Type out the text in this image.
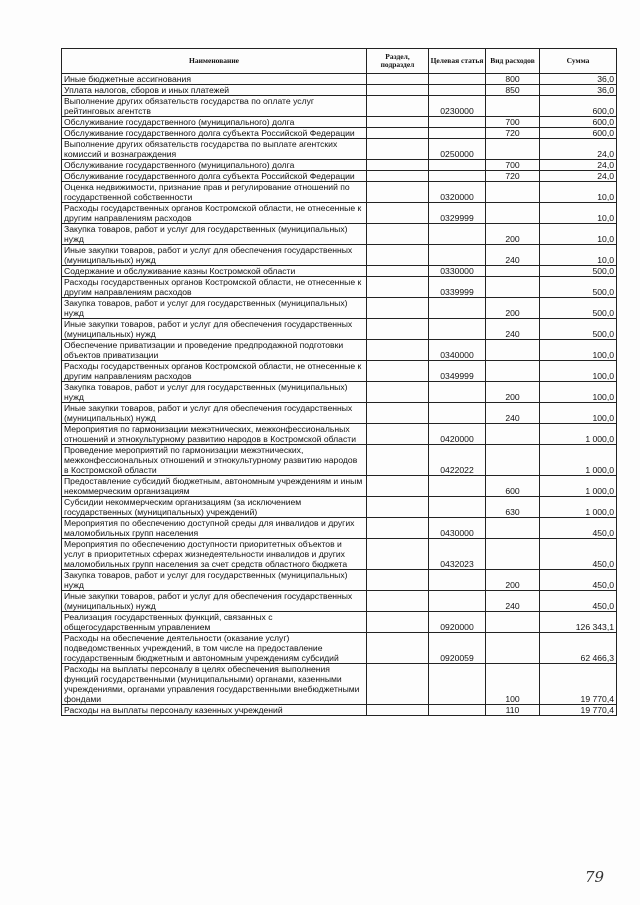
Наименование	Раздел, подраздел	Целевая статья	Вид расходов	Сумма
Иные бюджетные ассигнования			800	36,0
Уплата налогов, сборов и иных платежей			850	36,0
Выполнение других обязательств государства по оплате услуг рейтинговых агентств		0230000		600,0
Обслуживание государственного (муниципального) долга			700	600,0
Обслуживание государственного долга субъекта Российской Федерации			720	600,0
Выполнение других обязательств государства по выплате агентских комиссий и вознаграждения		0250000		24,0
Обслуживание государственного (муниципального) долга			700	24,0
Обслуживание государственного долга субъекта Российской Федерации			720	24,0
Оценка недвижимости, признание прав и регулирование отношений по государственной собственности		0320000		10,0
Расходы государственных органов Костромской области, не отнесенные к другим направлениям расходов		0329999		10,0
Закупка товаров, работ и услуг для государственных (муниципальных) нужд			200	10,0
Иные закупки товаров, работ и услуг для обеспечения государственных (муниципальных) нужд			240	10,0
Содержание и обслуживание казны Костромской области		0330000		500,0
Расходы государственных органов Костромской области, не отнесенные к другим направлениям расходов		0339999		500,0
Закупка товаров, работ и услуг для государственных (муниципальных) нужд			200	500,0
Иные закупки товаров, работ и услуг для обеспечения государственных (муниципальных) нужд			240	500,0
Обеспечение приватизации и проведение предпродажной подготовки объектов приватизации		0340000		100,0
Расходы государственных органов Костромской области, не отнесенные к другим направлениям расходов		0349999		100,0
Закупка товаров, работ и услуг для государственных (муниципальных) нужд			200	100,0
Иные закупки товаров, работ и услуг для обеспечения государственных (муниципальных) нужд			240	100,0
Мероприятия по гармонизации межэтнических, межконфессиональных отношений и этнокультурному развитию народов в Костромской области		0420000		1 000,0
Проведение мероприятий по гармонизации межэтнических, межконфессиональных отношений и этнокультурному развитию народов в Костромской области		0422022		1 000,0
Предоставление субсидий бюджетным, автономным учреждениям и иным некоммерческим организациям			600	1 000,0
Субсидии некоммерческим организациям (за исключением государственных (муниципальных) учреждений)			630	1 000,0
Мероприятия по обеспечению доступной среды для инвалидов и других маломобильных групп населения		0430000		450,0
Мероприятия по обеспечению доступности приоритетных объектов и услуг в приоритетных сферах жизнедеятельности инвалидов и других маломобильных групп населения за счет средств областного бюджета		0432023		450,0
Закупка товаров, работ и услуг для государственных (муниципальных) нужд			200	450,0
Иные закупки товаров, работ и услуг для обеспечения государственных (муниципальных) нужд			240	450,0
Реализация государственных функций, связанных с общегосударственным управлением		0920000		126 343,1
Расходы на обеспечение деятельности (оказание услуг) подведомственных учреждений, в том числе на предоставление государственным бюджетным и автономным учреждениям субсидий		0920059		62 466,3
Расходы на выплаты персоналу в целях обеспечения выполнения функций государственными (муниципальными) органами, казенными учреждениями, органами управления государственными внебюджетными фондами			100	19 770,4
Расходы на выплаты персоналу казенных учреждений			110	19 770,4
79
